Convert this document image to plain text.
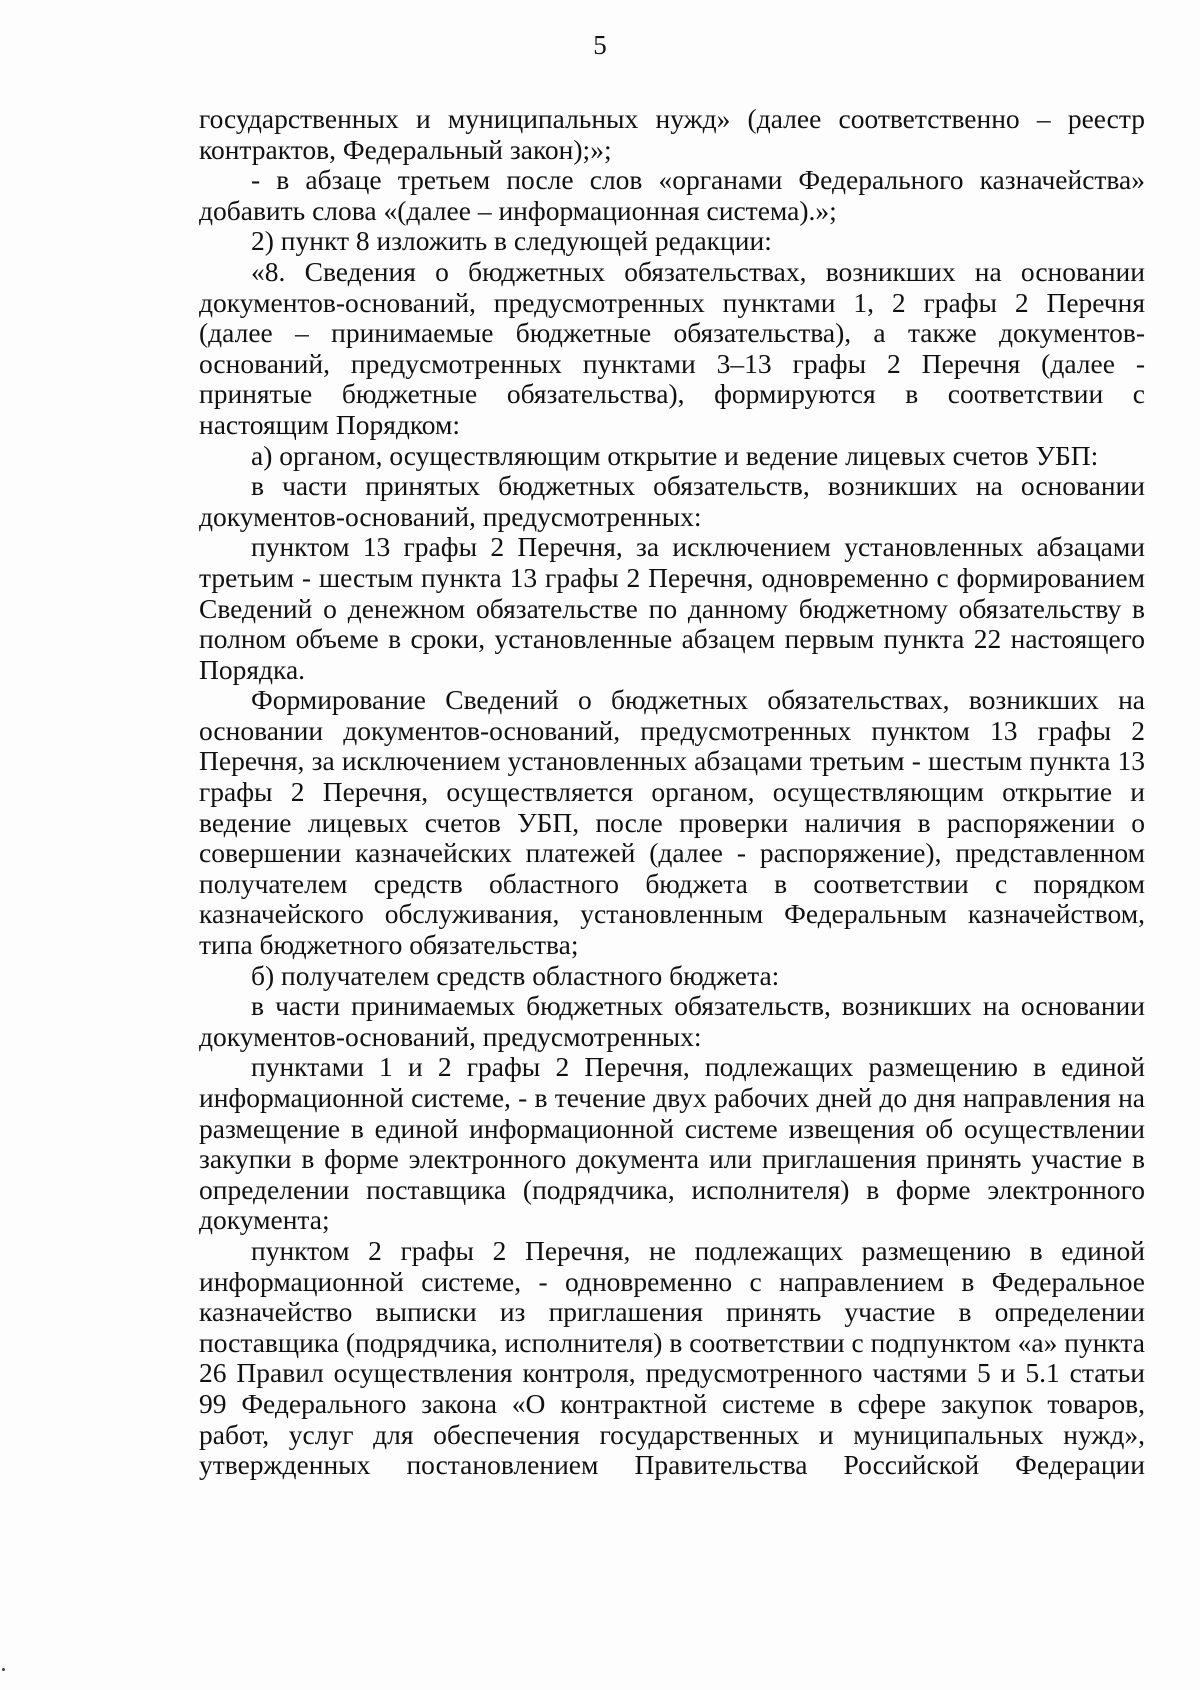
5

государственных и муниципальных нужд» (далее соответственно – реестр контрактов, Федеральный закон);»;

- в абзаце третьем после слов «органами Федерального казначейства» добавить слова «(далее – информационная система).»;

2) пункт 8 изложить в следующей редакции:

«8. Сведения о бюджетных обязательствах, возникших на основании документов-оснований, предусмотренных пунктами 1, 2 графы 2 Перечня (далее – принимаемые бюджетные обязательства), а также документов-оснований, предусмотренных пунктами 3–13 графы 2 Перечня (далее - принятые бюджетные обязательства), формируются в соответствии с настоящим Порядком:

а) органом, осуществляющим открытие и ведение лицевых счетов УБП:

в части принятых бюджетных обязательств, возникших на основании документов-оснований, предусмотренных:

пунктом 13 графы 2 Перечня, за исключением установленных абзацами третьим - шестым пункта 13 графы 2 Перечня, одновременно с формированием Сведений о денежном обязательстве по данному бюджетному обязательству в полном объеме в сроки, установленные абзацем первым пункта 22 настоящего Порядка.

Формирование Сведений о бюджетных обязательствах, возникших на основании документов-оснований, предусмотренных пунктом 13 графы 2 Перечня, за исключением установленных абзацами третьим - шестым пункта 13 графы 2 Перечня, осуществляется органом, осуществляющим открытие и ведение лицевых счетов УБП, после проверки наличия в распоряжении о совершении казначейских платежей (далее - распоряжение), представленном получателем средств областного бюджета в соответствии с порядком казначейского обслуживания, установленным Федеральным казначейством, типа бюджетного обязательства;

б) получателем средств областного бюджета:

в части принимаемых бюджетных обязательств, возникших на основании документов-оснований, предусмотренных:

пунктами 1 и 2 графы 2 Перечня, подлежащих размещению в единой информационной системе, - в течение двух рабочих дней до дня направления на размещение в единой информационной системе извещения об осуществлении закупки в форме электронного документа или приглашения принять участие в определении поставщика (подрядчика, исполнителя) в форме электронного документа;

пунктом 2 графы 2 Перечня, не подлежащих размещению в единой информационной системе, - одновременно с направлением в Федеральное казначейство выписки из приглашения принять участие в определении поставщика (подрядчика, исполнителя) в соответствии с подпунктом «а» пункта 26 Правил осуществления контроля, предусмотренного частями 5 и 5.1 статьи 99 Федерального закона «О контрактной системе в сфере закупок товаров, работ, услуг для обеспечения государственных и муниципальных нужд», утвержденных постановлением Правительства Российской Федерации
